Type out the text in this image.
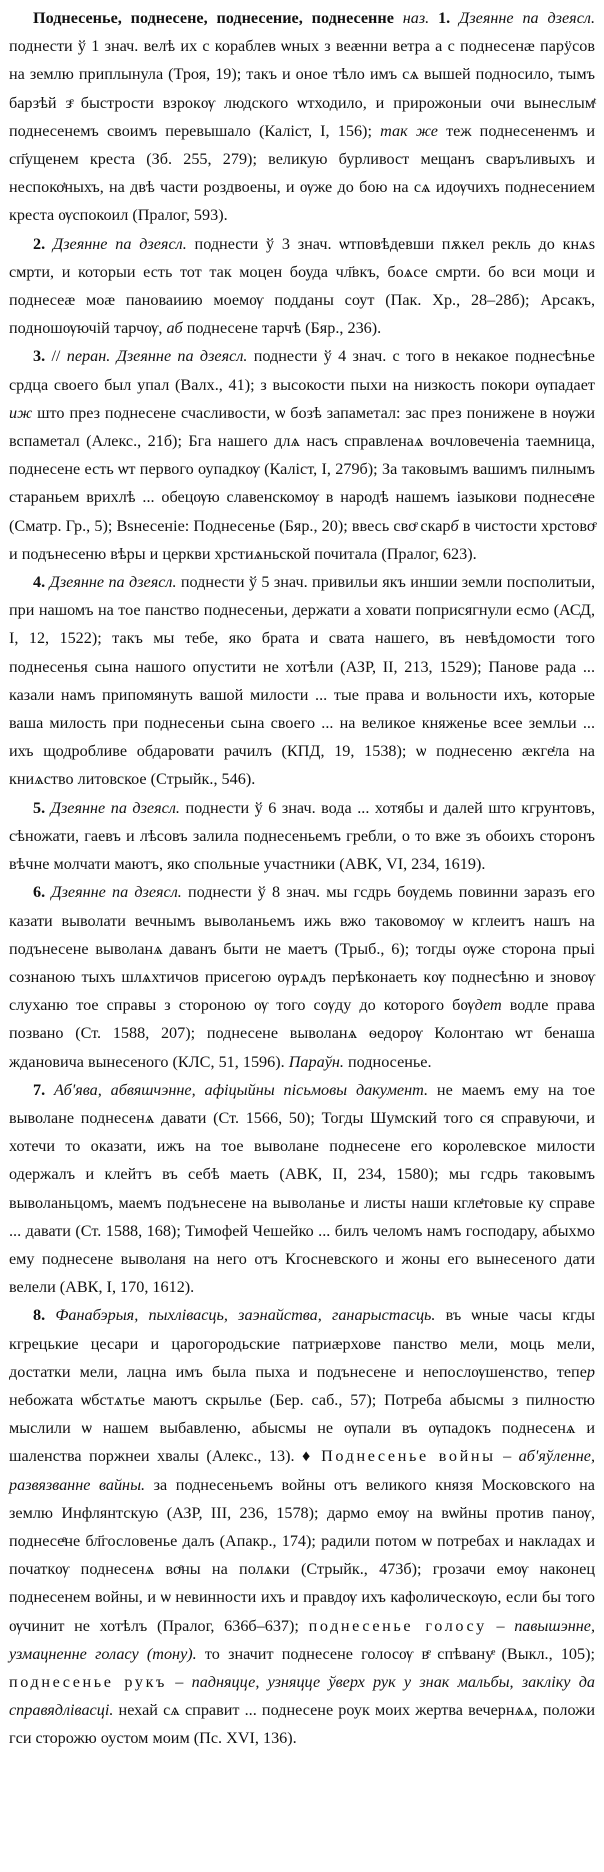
Поднесенье, поднесене, поднесение, поднесенне наз. 1. Дзеянне па дзеясл. поднести ў 1 знач. велѣ их с кораблев ѡных з веӕнни ветра а с поднесенӕ парӱсов на землю приплынула (Троя, 19); такъ и оное тѣло имъ сѧ вышей подносило, тымъ барзѣй зͤ быстрости взрокѹ людского ѡтходило, и прирожоныи очи вынеслымͭ поднесенемъ своимъ перевышало (Каліст, І, 156); так же теж поднесененмъ и сп҃ущенем креста (Зб. 255, 279); великую бурливост мещанъ сваръливыхъ и неспокоͭныхъ, на двѣ части роздвоены, и ѹже до бою на сѧ идѹчихъ поднесением креста ѹспокоил (Пралог, 593).

2. Дзеянне па дзеясл. поднести ў 3 знач. ѡтповѣдевши пѫкел рекль до кнѧѕ смрти, и которыи есть тот так моцен боуда чл҃вкъ, боѧсе смрти. бо вси моци и поднесеӕ моӕ пановаиию моемѹ подданы соут (Пак. Хр., 28–28б); Арсакъ, подношѹючій тарчѹ, аб поднесене тарчѣ (Бяр., 236).

3. // перан. Дзеянне па дзеясл. поднести ў 4 знач. с того в некакое поднесѣнье срдца своего был упал (Валх., 41); з высокости пыхи на низкость покори ѹпадает иж што през поднесене счасливости, ѡ бозѣ запаметал: зас през понижене в нѹжи вспаметал (Алекс., 21б); Бга нашего длѧ насъ справленаѧ вочловеченіа таемница, поднесене есть ѡт первого оупадкѹ (Каліст, І, 279б); За таковымъ вашимъ пилнымъ стараньем врихлѣ ... обецѹю славенскомѹ в народѣ нашемъ іазыкови поднесеͤне (Сматр. Гр., 5); Вѕнесеніе: Поднесенье (Бяр., 20); ввесь своͤ скарб в чистости хрстовоͤ и подънесеню вѣры и церкви хрстиѧньской почитала (Пралог, 623).

4. Дзеянне па дзеясл. поднести ў 5 знач. привильи якъ иншии земли посполитыи, при нашомъ на тое панство поднесеньи, держати а ховати поприсягнули есмо (АСД, І, 12, 1522); такъ мы тебе, яко брата и свата нашего, въ невѣдомости того поднесенья сына нашого опустити не хотѣли (АЗР, ІІ, 213, 1529); Панове рада ... казали намъ припомянуть вашой милости ... тые права и вольности ихъ, которые ваша милость при поднесеньи сына своего ... на великое княженье всее земльи ... ихъ щодробливе обдаровати рачилъ (КПД, 19, 1538); ѡ поднесеню ӕкгеͭла на книѧство литовское (Стрыйк., 546).

5. Дзеянне па дзеясл. поднести ў 6 знач. вода ... хотябы и далей што кгрунтовъ, сѣножати, гаевъ и лѣсовъ залила поднесеньемъ гребли, о то вже зъ обоихъ сторонъ вѣчне молчати маютъ, яко спольные участники (АВК, VI, 234, 1619).

6. Дзеянне па дзеясл. поднести ў 8 знач. мы гсдрь бѹдемь повинни заразъ его казати выволати вечнымъ выволаньемъ ижь вжо таковомѹ ѡ кглеитъ нашъ на подънесене выволанѧ даванъ быти не маетъ (Трыб., 6); тогды ѹже сторона прыі сознаною тыхъ шлѧхтичов присегою ѹрѧдъ перѣконаеть кѹ поднесѣню и зновѹ слуханю тое справы з стороною ѹ того сѹду до которого бѹдет водле права позвано (Ст. 1588, 207); поднесене выволанѧ ѳедорѹ Колонтаю ѡт бенаша ждановича вынесеного (КЛС, 51, 1596). Параўн. подносенье.

7. Аб'ява, абвяшчэнне, афіцыйны пісьмовы дакумент. не маемъ ему на тое выволане поднесенѧ давати (Ст. 1566, 50); Тогды Шумский того ся справуючи, и хотечи то оказати, ижъ на тое выволане поднесене его королевское милости одержалъ и клейтъ въ себѣ маеть (АВК, ІІ, 234, 1580); мы гсдрь таковымъ выволаньцомъ, маемъ подънесене на выволанье и листы наши кглеͭтовые ку справе ... давати (Ст. 1588, 168); Тимофей Чешейко ... билъ челомъ намъ господару, абыхмо ему поднесене выволаня на него отъ Кгосневского и жоны его вынесеного дати велели (АВК, І, 170, 1612).

8. Фанабэрыя, пыхлівасць, заэнайства, ганарыстасць. въ ѡные часы кгды кгрецькие цесари и царогородьские патриӕрхове панство мели, моць мели, достатки мели, лацна имъ была пыха и подънесене и непослѹшенство, тепер небожата ѡбстѧтье маютъ скрылье (Бер. саб., 57); Потреба абысмы з пилностю мыслили ѡ нашем выбавленю, абысмы не ѹпали въ ѹпадокъ поднесенѧ и шаленства поржнеи хвалы (Алекс., 13). ♦ Поднесенье войны – аб'яўленне, развязванне вайны. за поднесеньемъ войны отъ великого князя Московского на землю Инфлянтскую (АЗР, ІІІ, 236, 1578); дармо емѹ на вѡйны против панѹ, поднесеͤне бл҃гословенье далъ (Апакр., 174); радили потом ѡ потребах и накладах и початкѹ поднесенѧ воͤны на полѧки (Стрыйк., 473б); грозачи емѹ наконец поднесенем войны, и ѡ невинности ихъ и правдѹ ихъ кафолическѹю, если бы того ѹчинит не хотѣлъ (Пралог, 636б–637); поднесенье голосу – павышэнне, узмацненне голасу (тону). то значит поднесене голосѹ вͤ спѣвануͤ (Выкл., 105); поднесенье рукъ – падняцце, узняцце ўверх рук у знак мальбы, заклiку да справядлiвасцi. нехай сѧ справит ... поднесене роук моих жертва вечернѧѧ, положи гси сторожю оустом моим (Пс. XVI, 136).
